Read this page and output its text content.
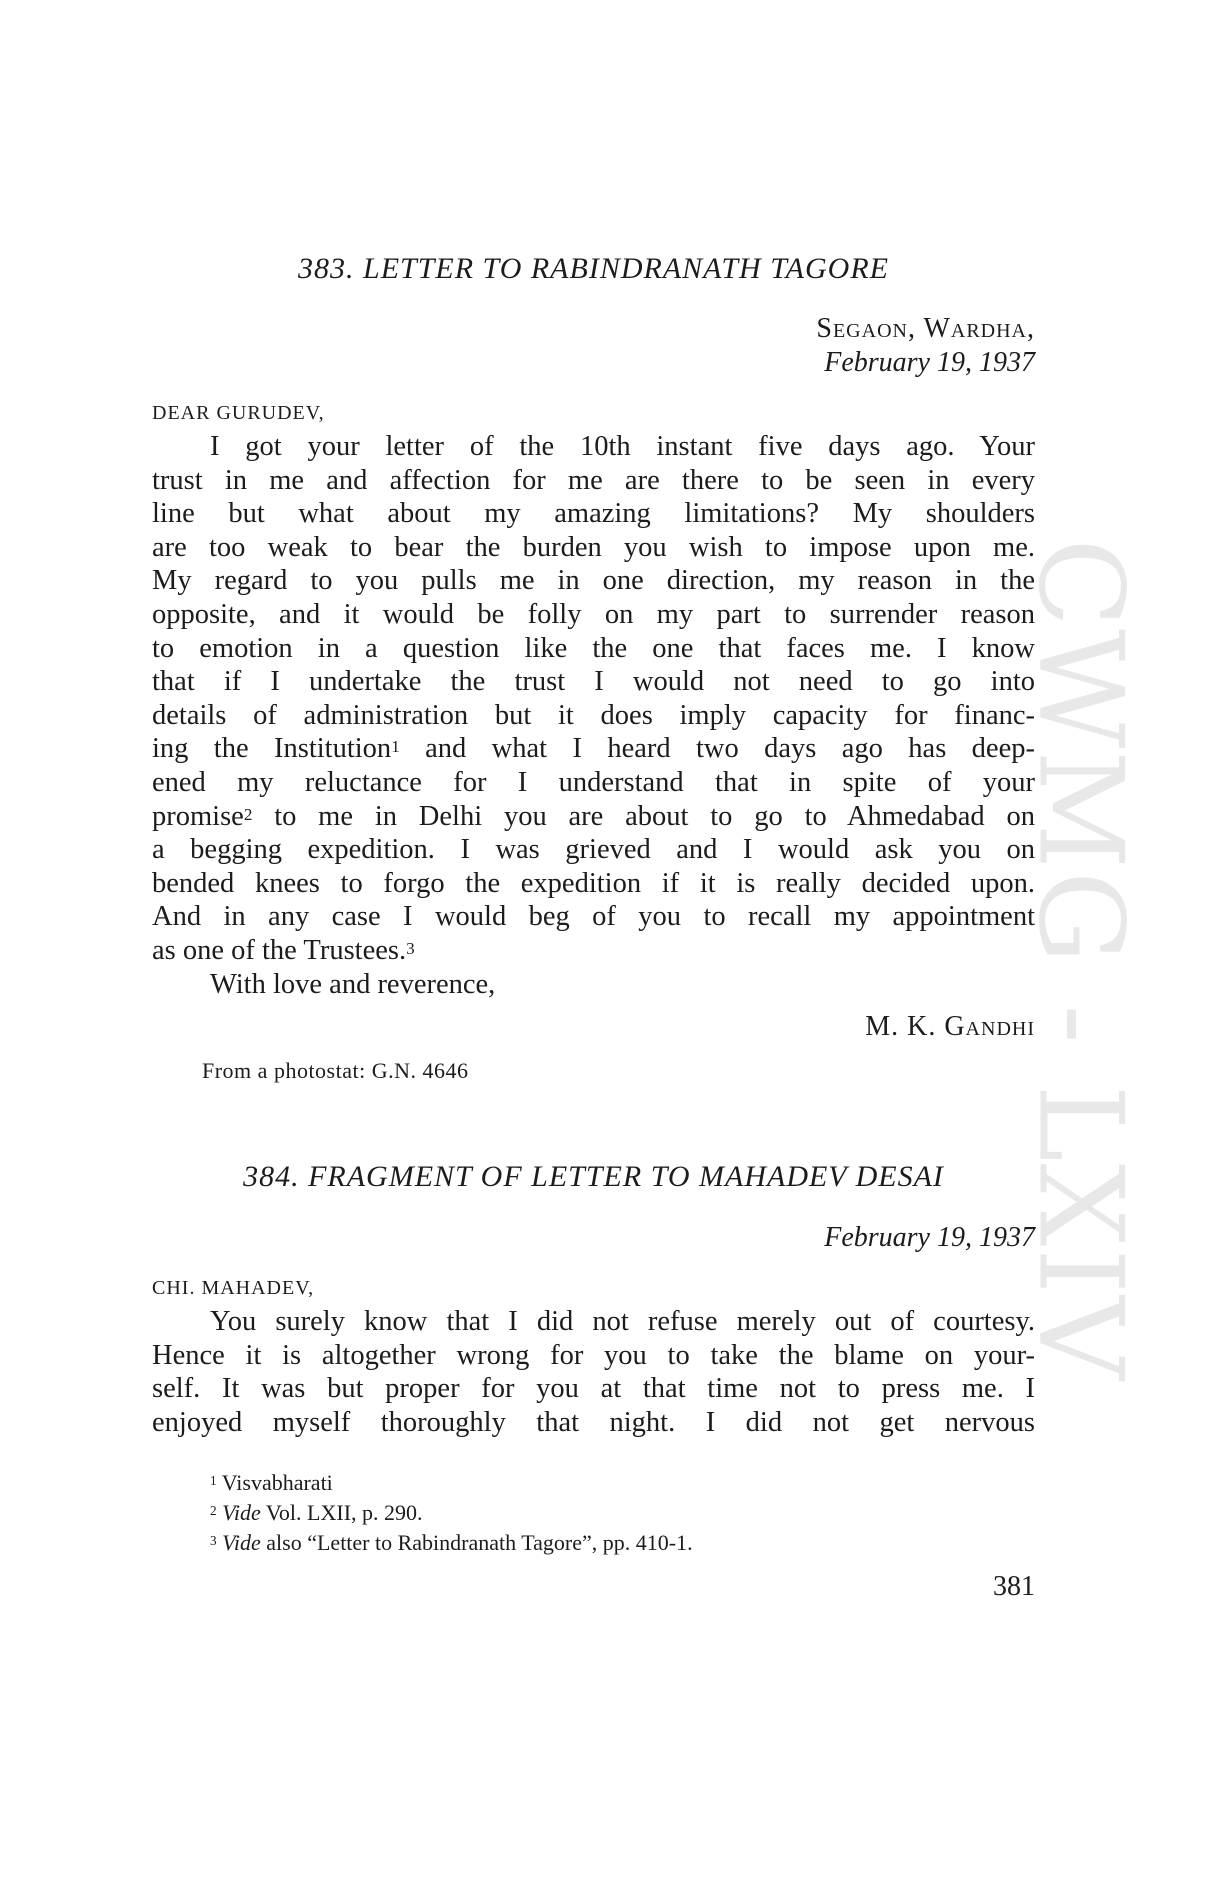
CWMG - LXIV
383. LETTER TO RABINDRANATH TAGORE
Segaon, Wardha,
February 19, 1937
DEAR GURUDEV,

I got your letter of the 10th instant five days ago. Your
trust in me and affection for me are there to be seen in every
line but what about my amazing limitations? My shoulders
are too weak to bear the burden you wish to impose upon me.
My regard to you pulls me in one direction, my reason in the
opposite, and it would be folly on my part to surrender reason
to emotion in a question like the one that faces me. I know
that if I undertake the trust I would not need to go into
details of administration but it does imply capacity for financ-
ing the Institution$^1$ and what I heard two days ago has deep-
ened my reluctance for I understand that in spite of your
promise$^2$ to me in Delhi you are about to go to Ahmedabad on
a begging expedition. I was grieved and I would ask you on
bended knees to forgo the expedition if it is really decided upon.
And in any case I would beg of you to recall my appointment
as one of the Trustees.$^3$
With love and reverence,

M. K. Gandhi
From a photostat: G.N. 4646
384. FRAGMENT OF LETTER TO MAHADEV DESAI
February 19, 1937
CHI. MAHADEV,

You surely know that I did not refuse merely out of courtesy.
Hence it is altogether wrong for you to take the blame on your-
self. It was but proper for you at that time not to press me. I
enjoyed myself thoroughly that night. I did not get nervous

$^1$ Visvabharati
$^2$ Vide Vol. LXII, p. 290.
$^3$ Vide also “Letter to Rabindranath Tagore”, pp. 410-1.
381
